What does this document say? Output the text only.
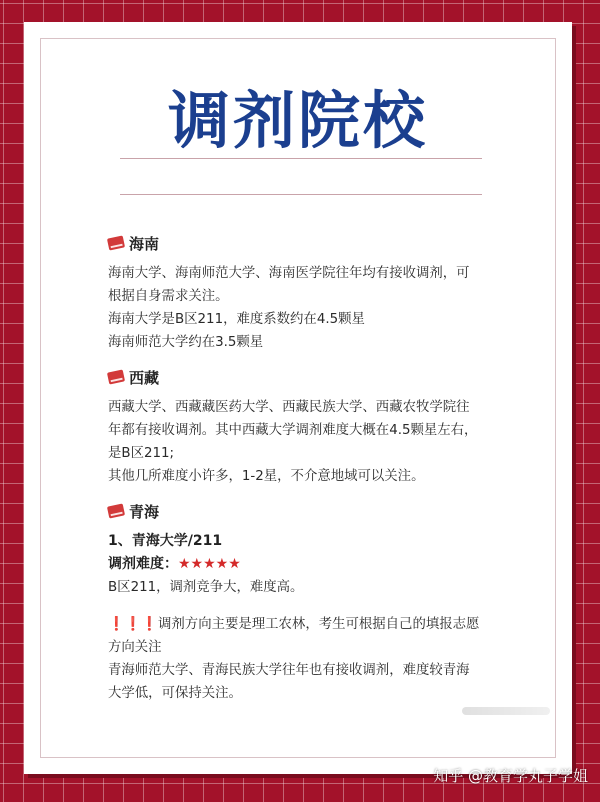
调剂院校
海南
海南大学、海南师范大学、海南医学院往年均有接收调剂，可
根据自身需求关注。
海南大学是B区211，难度系数约在4.5颗星
海南师范大学约在3.5颗星
西藏
西藏大学、西藏藏医药大学、西藏民族大学、西藏农牧学院往
年都有接收调剂。其中西藏大学调剂难度大概在4.5颗星左右，
是B区211;
其他几所难度小许多，1-2星，不介意地域可以关注。
青海
1、青海大学/211
调剂难度：★★★★★
B区211，调剂竞争大，难度高。
❗❗❗调剂方向主要是理工农林，考生可根据自己的填报志愿
方向关注
青海师范大学、青海民族大学往年也有接收调剂，难度较青海
大学低，可保持关注。
知乎 @教育学丸子学姐
